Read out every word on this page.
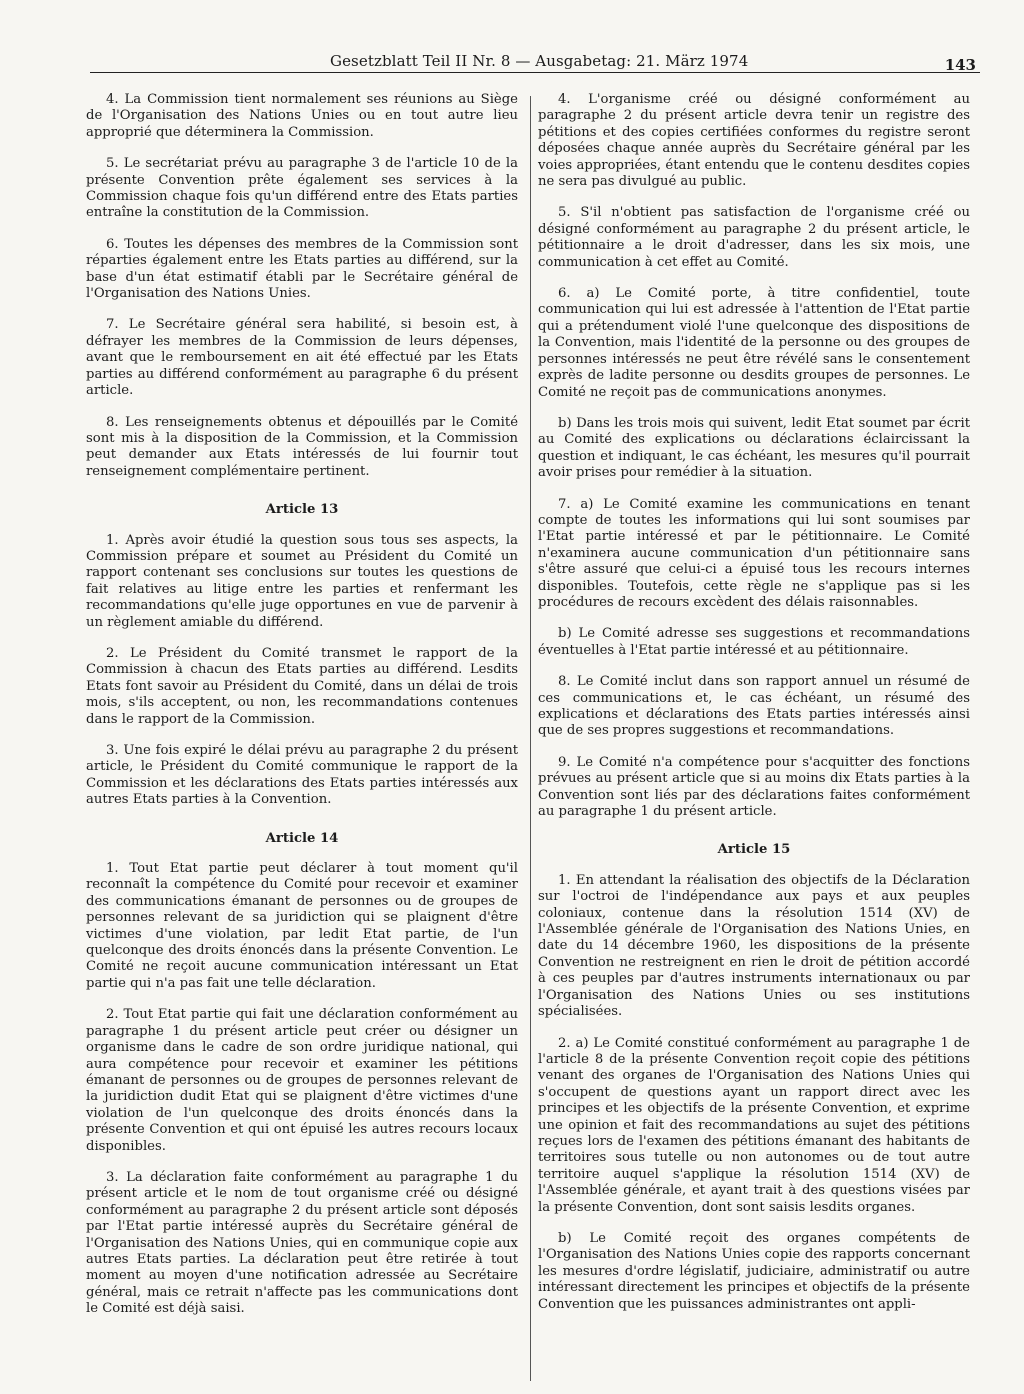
Gesetzblatt Teil II Nr. 8 — Ausgabetag: 21. März 1974	143

4. La Commission tient normalement ses réunions au Siège de l'Organisation des Nations Unies ou en tout autre lieu approprié que déterminera la Commission.

5. Le secrétariat prévu au paragraphe 3 de l'article 10 de la présente Convention prête également ses services à la Commission chaque fois qu'un différend entre des Etats parties entraîne la constitution de la Commission.

6. Toutes les dépenses des membres de la Commission sont réparties également entre les Etats parties au différend, sur la base d'un état estimatif établi par le Secrétaire général de l'Organisation des Nations Unies.

7. Le Secrétaire général sera habilité, si besoin est, à défrayer les membres de la Commission de leurs dépenses, avant que le remboursement en ait été effectué par les Etats parties au différend conformément au paragraphe 6 du présent article.

8. Les renseignements obtenus et dépouillés par le Comité sont mis à la disposition de la Commission, et la Commission peut demander aux Etats intéressés de lui fournir tout renseignement complémentaire pertinent.

Article 13

1. Après avoir étudié la question sous tous ses aspects, la Commission prépare et soumet au Président du Comité un rapport contenant ses conclusions sur toutes les questions de fait relatives au litige entre les parties et renfermant les recommandations qu'elle juge opportunes en vue de parvenir à un règlement amiable du différend.

2. Le Président du Comité transmet le rapport de la Commission à chacun des Etats parties au différend. Lesdits Etats font savoir au Président du Comité, dans un délai de trois mois, s'ils acceptent, ou non, les recommandations contenues dans le rapport de la Commission.

3. Une fois expiré le délai prévu au paragraphe 2 du présent article, le Président du Comité communique le rapport de la Commission et les déclarations des Etats parties intéressés aux autres Etats parties à la Convention.

Article 14

1. Tout Etat partie peut déclarer à tout moment qu'il reconnaît la compétence du Comité pour recevoir et examiner des communications émanant de personnes ou de groupes de personnes relevant de sa juridiction qui se plaignent d'être victimes d'une violation, par ledit Etat partie, de l'un quelconque des droits énoncés dans la présente Convention. Le Comité ne reçoit aucune communication intéressant un Etat partie qui n'a pas fait une telle déclaration.

2. Tout Etat partie qui fait une déclaration conformément au paragraphe 1 du présent article peut créer ou désigner un organisme dans le cadre de son ordre juridique national, qui aura compétence pour recevoir et examiner les pétitions émanant de personnes ou de groupes de personnes relevant de la juridiction dudit Etat qui se plaignent d'être victimes d'une violation de l'un quelconque des droits énoncés dans la présente Convention et qui ont épuisé les autres recours locaux disponibles.

3. La déclaration faite conformément au paragraphe 1 du présent article et le nom de tout organisme créé ou désigné conformément au paragraphe 2 du présent article sont déposés par l'Etat partie intéressé auprès du Secrétaire général de l'Organisation des Nations Unies, qui en communique copie aux autres Etats parties. La déclaration peut être retirée à tout moment au moyen d'une notification adressée au Secrétaire général, mais ce retrait n'affecte pas les communications dont le Comité est déjà saisi.

4. L'organisme créé ou désigné conformément au paragraphe 2 du présent article devra tenir un registre des pétitions et des copies certifiées conformes du registre seront déposées chaque année auprès du Secrétaire général par les voies appropriées, étant entendu que le contenu desdites copies ne sera pas divulgué au public.

5. S'il n'obtient pas satisfaction de l'organisme créé ou désigné conformément au paragraphe 2 du présent article, le pétitionnaire a le droit d'adresser, dans les six mois, une communication à cet effet au Comité.

6. a) Le Comité porte, à titre confidentiel, toute communication qui lui est adressée à l'attention de l'Etat partie qui a prétendument violé l'une quelconque des dispositions de la Convention, mais l'identité de la personne ou des groupes de personnes intéressés ne peut être révélé sans le consentement exprès de ladite personne ou desdits groupes de personnes. Le Comité ne reçoit pas de communications anonymes.

b) Dans les trois mois qui suivent, ledit Etat soumet par écrit au Comité des explications ou déclarations éclaircissant la question et indiquant, le cas échéant, les mesures qu'il pourrait avoir prises pour remédier à la situation.

7. a) Le Comité examine les communications en tenant compte de toutes les informations qui lui sont soumises par l'Etat partie intéressé et par le pétitionnaire. Le Comité n'examinera aucune communication d'un pétitionnaire sans s'être assuré que celui-ci a épuisé tous les recours internes disponibles. Toutefois, cette règle ne s'applique pas si les procédures de recours excèdent des délais raisonnables.

b) Le Comité adresse ses suggestions et recommandations éventuelles à l'Etat partie intéressé et au pétitionnaire.

8. Le Comité inclut dans son rapport annuel un résumé de ces communications et, le cas échéant, un résumé des explications et déclarations des Etats parties intéressés ainsi que de ses propres suggestions et recommandations.

9. Le Comité n'a compétence pour s'acquitter des fonctions prévues au présent article que si au moins dix Etats parties à la Convention sont liés par des déclarations faites conformément au paragraphe 1 du présent article.

Article 15

1. En attendant la réalisation des objectifs de la Déclaration sur l'octroi de l'indépendance aux pays et aux peuples coloniaux, contenue dans la résolution 1514 (XV) de l'Assemblée générale de l'Organisation des Nations Unies, en date du 14 décembre 1960, les dispositions de la présente Convention ne restreignent en rien le droit de pétition accordé à ces peuples par d'autres instruments internationaux ou par l'Organisation des Nations Unies ou ses institutions spécialisées.

2. a) Le Comité constitué conformément au paragraphe 1 de l'article 8 de la présente Convention reçoit copie des pétitions venant des organes de l'Organisation des Nations Unies qui s'occupent de questions ayant un rapport direct avec les principes et les objectifs de la présente Convention, et exprime une opinion et fait des recommandations au sujet des pétitions reçues lors de l'examen des pétitions émanant des habitants de territoires sous tutelle ou non autonomes ou de tout autre territoire auquel s'applique la résolution 1514 (XV) de l'Assemblée générale, et ayant trait à des questions visées par la présente Convention, dont sont saisis lesdits organes.

b) Le Comité reçoit des organes compétents de l'Organisation des Nations Unies copie des rapports concernant les mesures d'ordre législatif, judiciaire, administratif ou autre intéressant directement les principes et objectifs de la présente Convention que les puissances administrantes ont appli-
